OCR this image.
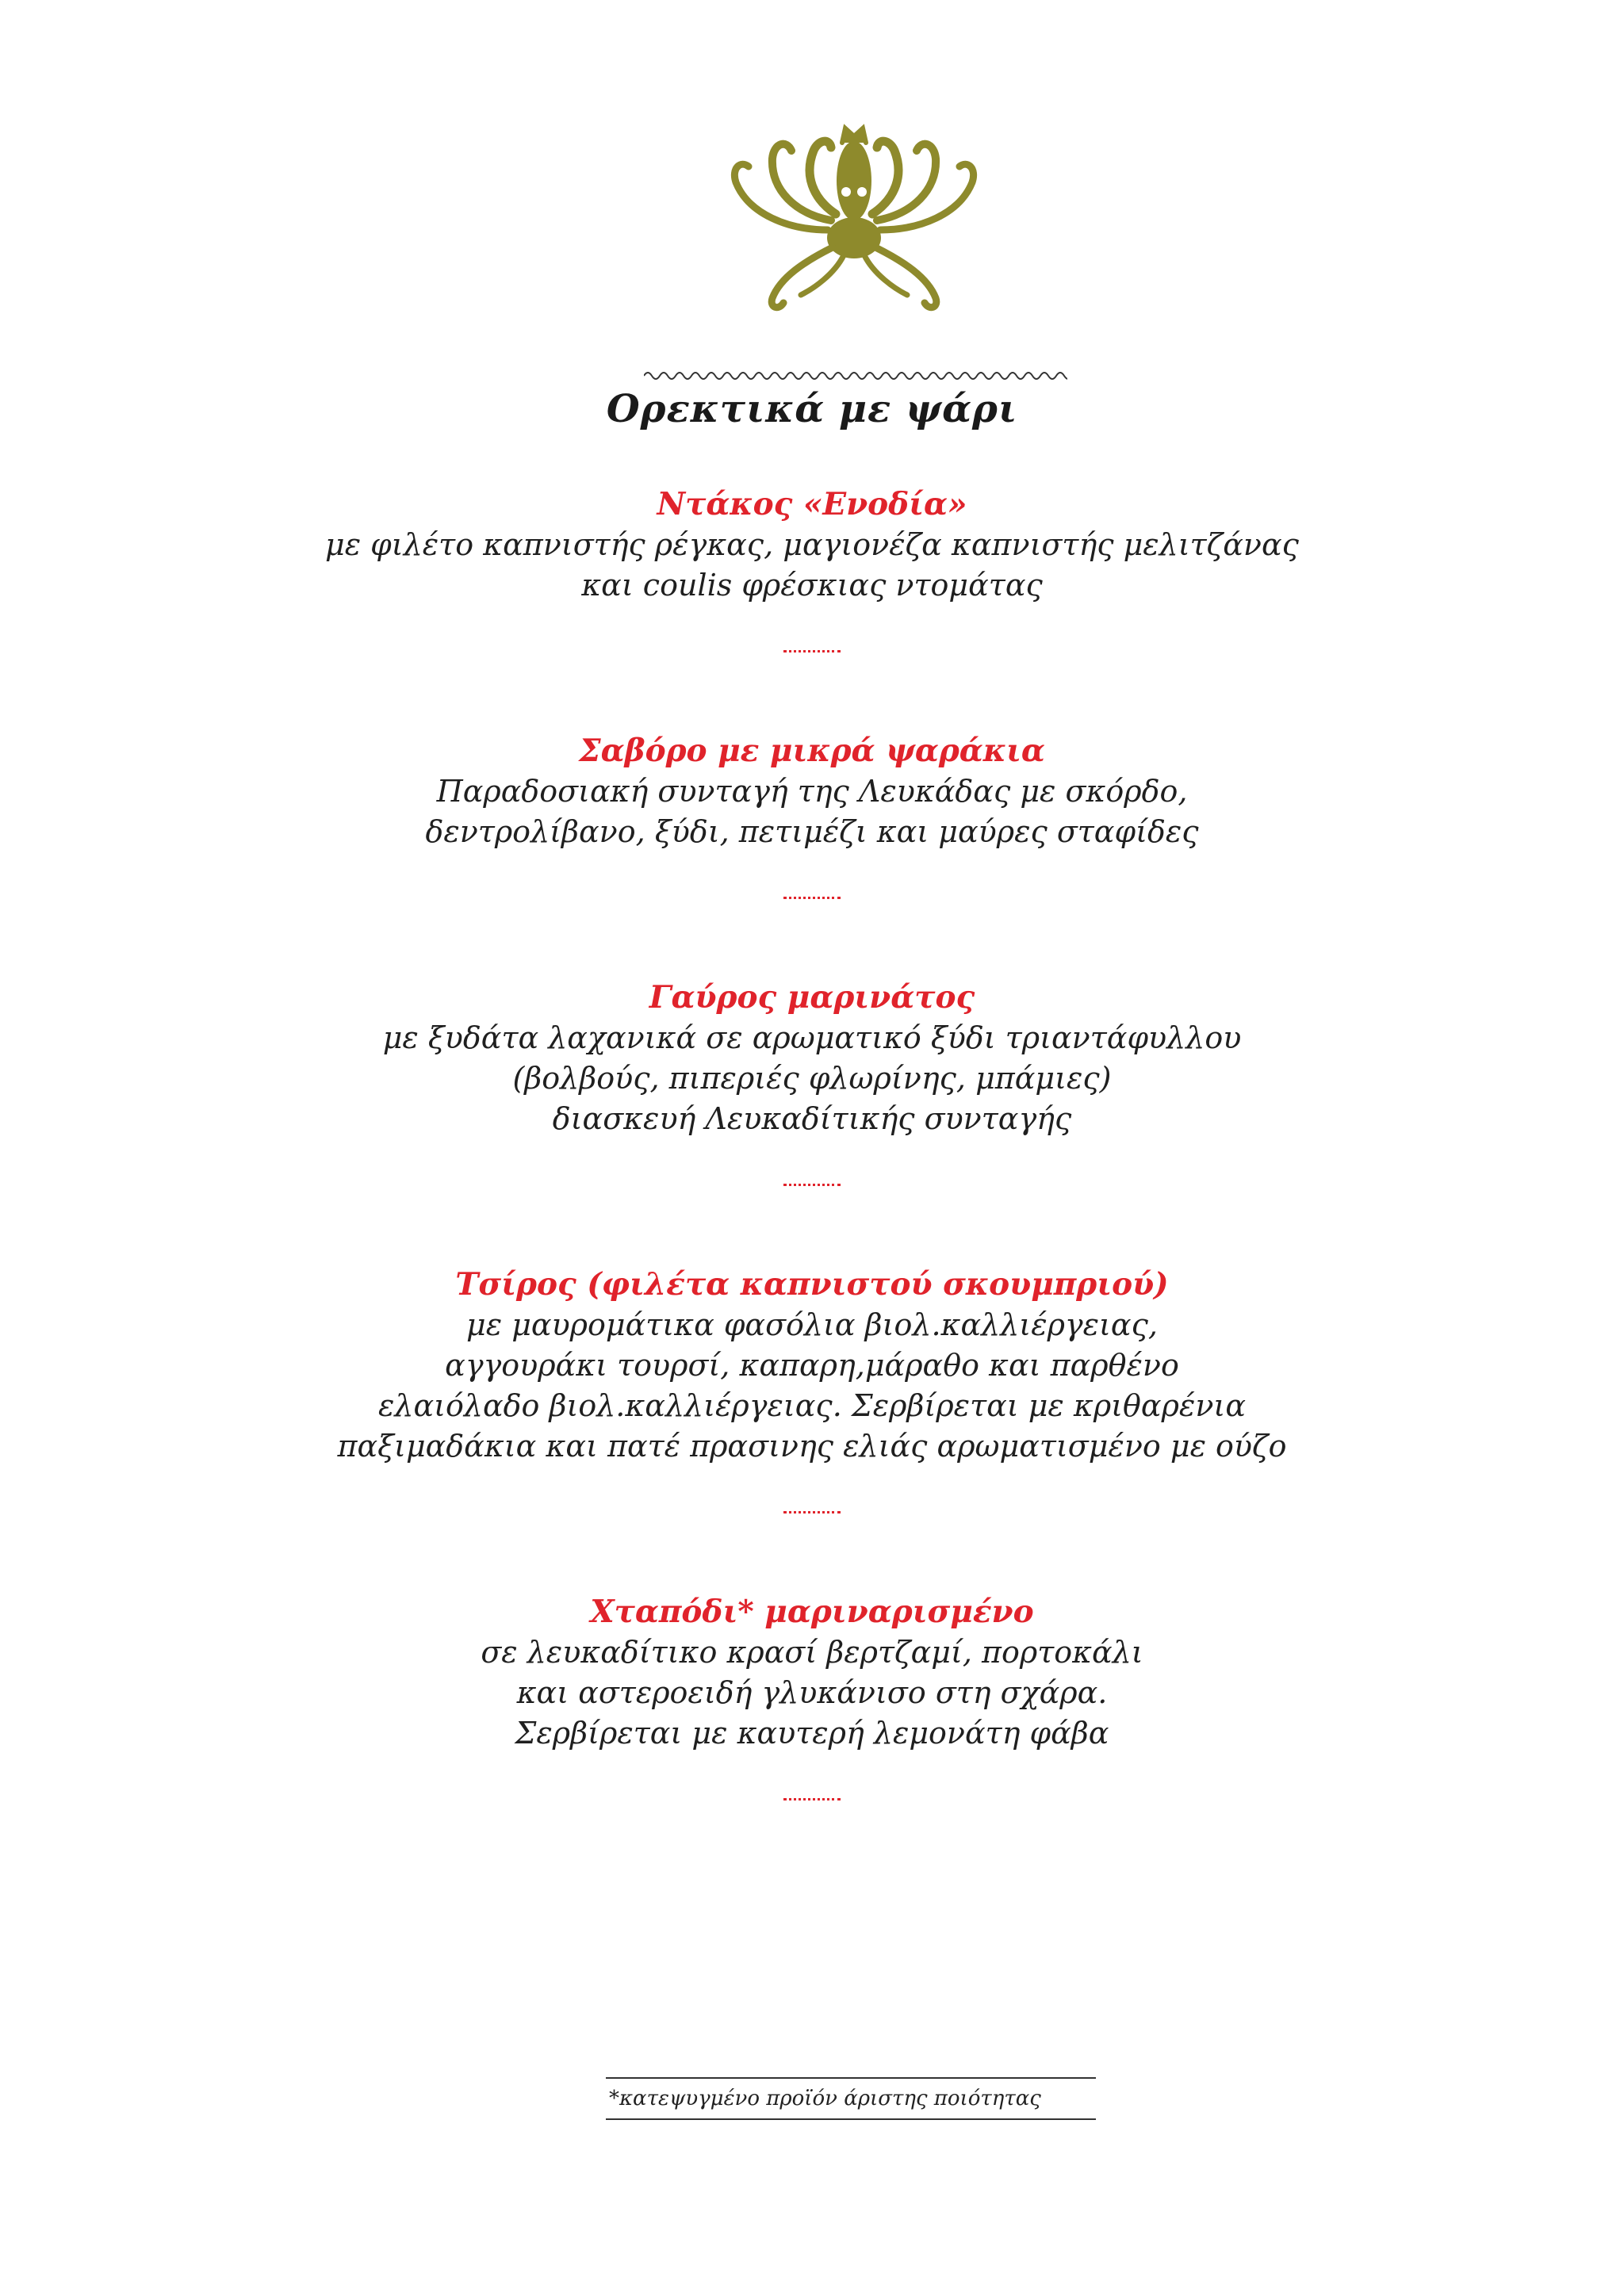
Ορεκτικά με ψάρι
Ντάκος «Ενοδία»
με φιλέτο καπνιστής ρέγκας, μαγιονέζα καπνιστής μελιτζάνας
και coulis φρέσκιας ντομάτας
Σαβόρο με μικρά ψαράκια
Παραδοσιακή συνταγή της Λευκάδας με σκόρδο,
δεντρολίβανο, ξύδι, πετιμέζι και μαύρες σταφίδες
Γαύρος μαρινάτος
με ξυδάτα λαχανικά σε αρωματικό ξύδι τριαντάφυλλου
(βολβούς, πιπεριές φλωρίνης, μπάμιες)
διασκευή Λευκαδίτικής συνταγής
Τσίρος (φιλέτα καπνιστού σκουμπριού)
με μαυρομάτικα φασόλια βιολ.καλλιέργειας,
αγγουράκι τουρσί, καπαρη,μάραθο και παρθένο
ελαιόλαδο βιολ.καλλιέργειας. Σερβίρεται με κριθαρένια
παξιμαδάκια και πατέ πρασινης ελιάς αρωματισμένο με ούζο
Χταπόδι* μαριναρισμένο
σε λευκαδίτικο κρασί βερτζαμί, πορτοκάλι
και αστεροειδή γλυκάνισο στη σχάρα.
Σερβίρεται με καυτερή λεμονάτη φάβα
*κατεψυγμένο προϊόν άριστης ποιότητας
